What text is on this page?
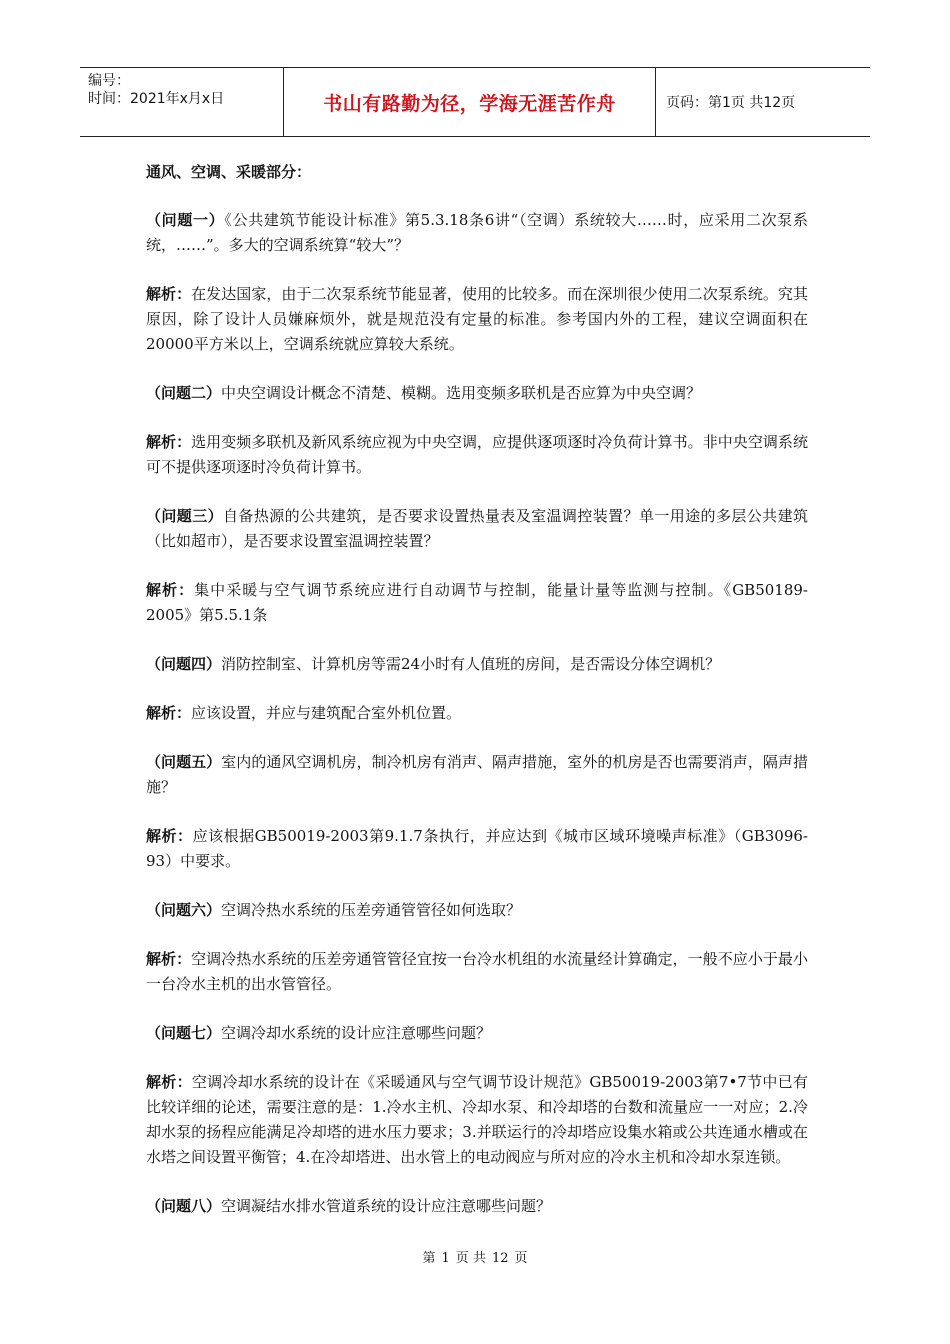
编号：
时间：2021年x月x日	书山有路勤为径，学海无涯苦作舟	页码：第1页 共12页
通风、空调、采暖部分：
（问题一）《公共建筑节能设计标准》第5.3.18条6讲“（空调）系统较大……时，应采用二次泵系统，……”。多大的空调系统算“较大”？
解析：在发达国家，由于二次泵系统节能显著，使用的比较多。而在深圳很少使用二次泵系统。究其原因，除了设计人员嫌麻烦外，就是规范没有定量的标准。参考国内外的工程，建议空调面积在20000平方米以上，空调系统就应算较大系统。
（问题二）中央空调设计概念不清楚、模糊。选用变频多联机是否应算为中央空调？
解析：选用变频多联机及新风系统应视为中央空调，应提供逐项逐时冷负荷计算书。非中央空调系统可不提供逐项逐时冷负荷计算书。
（问题三）自备热源的公共建筑，是否要求设置热量表及室温调控装置？单一用途的多层公共建筑（比如超市），是否要求设置室温调控装置？
解析：集中采暖与空气调节系统应进行自动调节与控制，能量计量等监测与控制。《GB50189-2005》第5.5.1条
（问题四）消防控制室、计算机房等需24小时有人值班的房间，是否需设分体空调机？
解析：应该设置，并应与建筑配合室外机位置。
（问题五）室内的通风空调机房，制冷机房有消声、隔声措施，室外的机房是否也需要消声，隔声措施？
解析：应该根据GB50019-2003第9.1.7条执行，并应达到《城市区域环境噪声标准》（GB3096-93）中要求。
（问题六）空调冷热水系统的压差旁通管管径如何选取？
解析：空调冷热水系统的压差旁通管管径宜按一台冷水机组的水流量经计算确定，一般不应小于最小一台冷水主机的出水管管径。
（问题七）空调冷却水系统的设计应注意哪些问题？
解析：空调冷却水系统的设计在《采暖通风与空气调节设计规范》GB50019-2003第7•7节中已有比较详细的论述，需要注意的是：1.冷水主机、冷却水泵、和冷却塔的台数和流量应一一对应；2.冷却水泵的扬程应能满足冷却塔的进水压力要求；3.并联运行的冷却塔应设集水箱或公共连通水槽或在水塔之间设置平衡管；4.在冷却塔进、出水管上的电动阀应与所对应的冷水主机和冷却水泵连锁。
（问题八）空调凝结水排水管道系统的设计应注意哪些问题？
第 1 页 共 12 页
